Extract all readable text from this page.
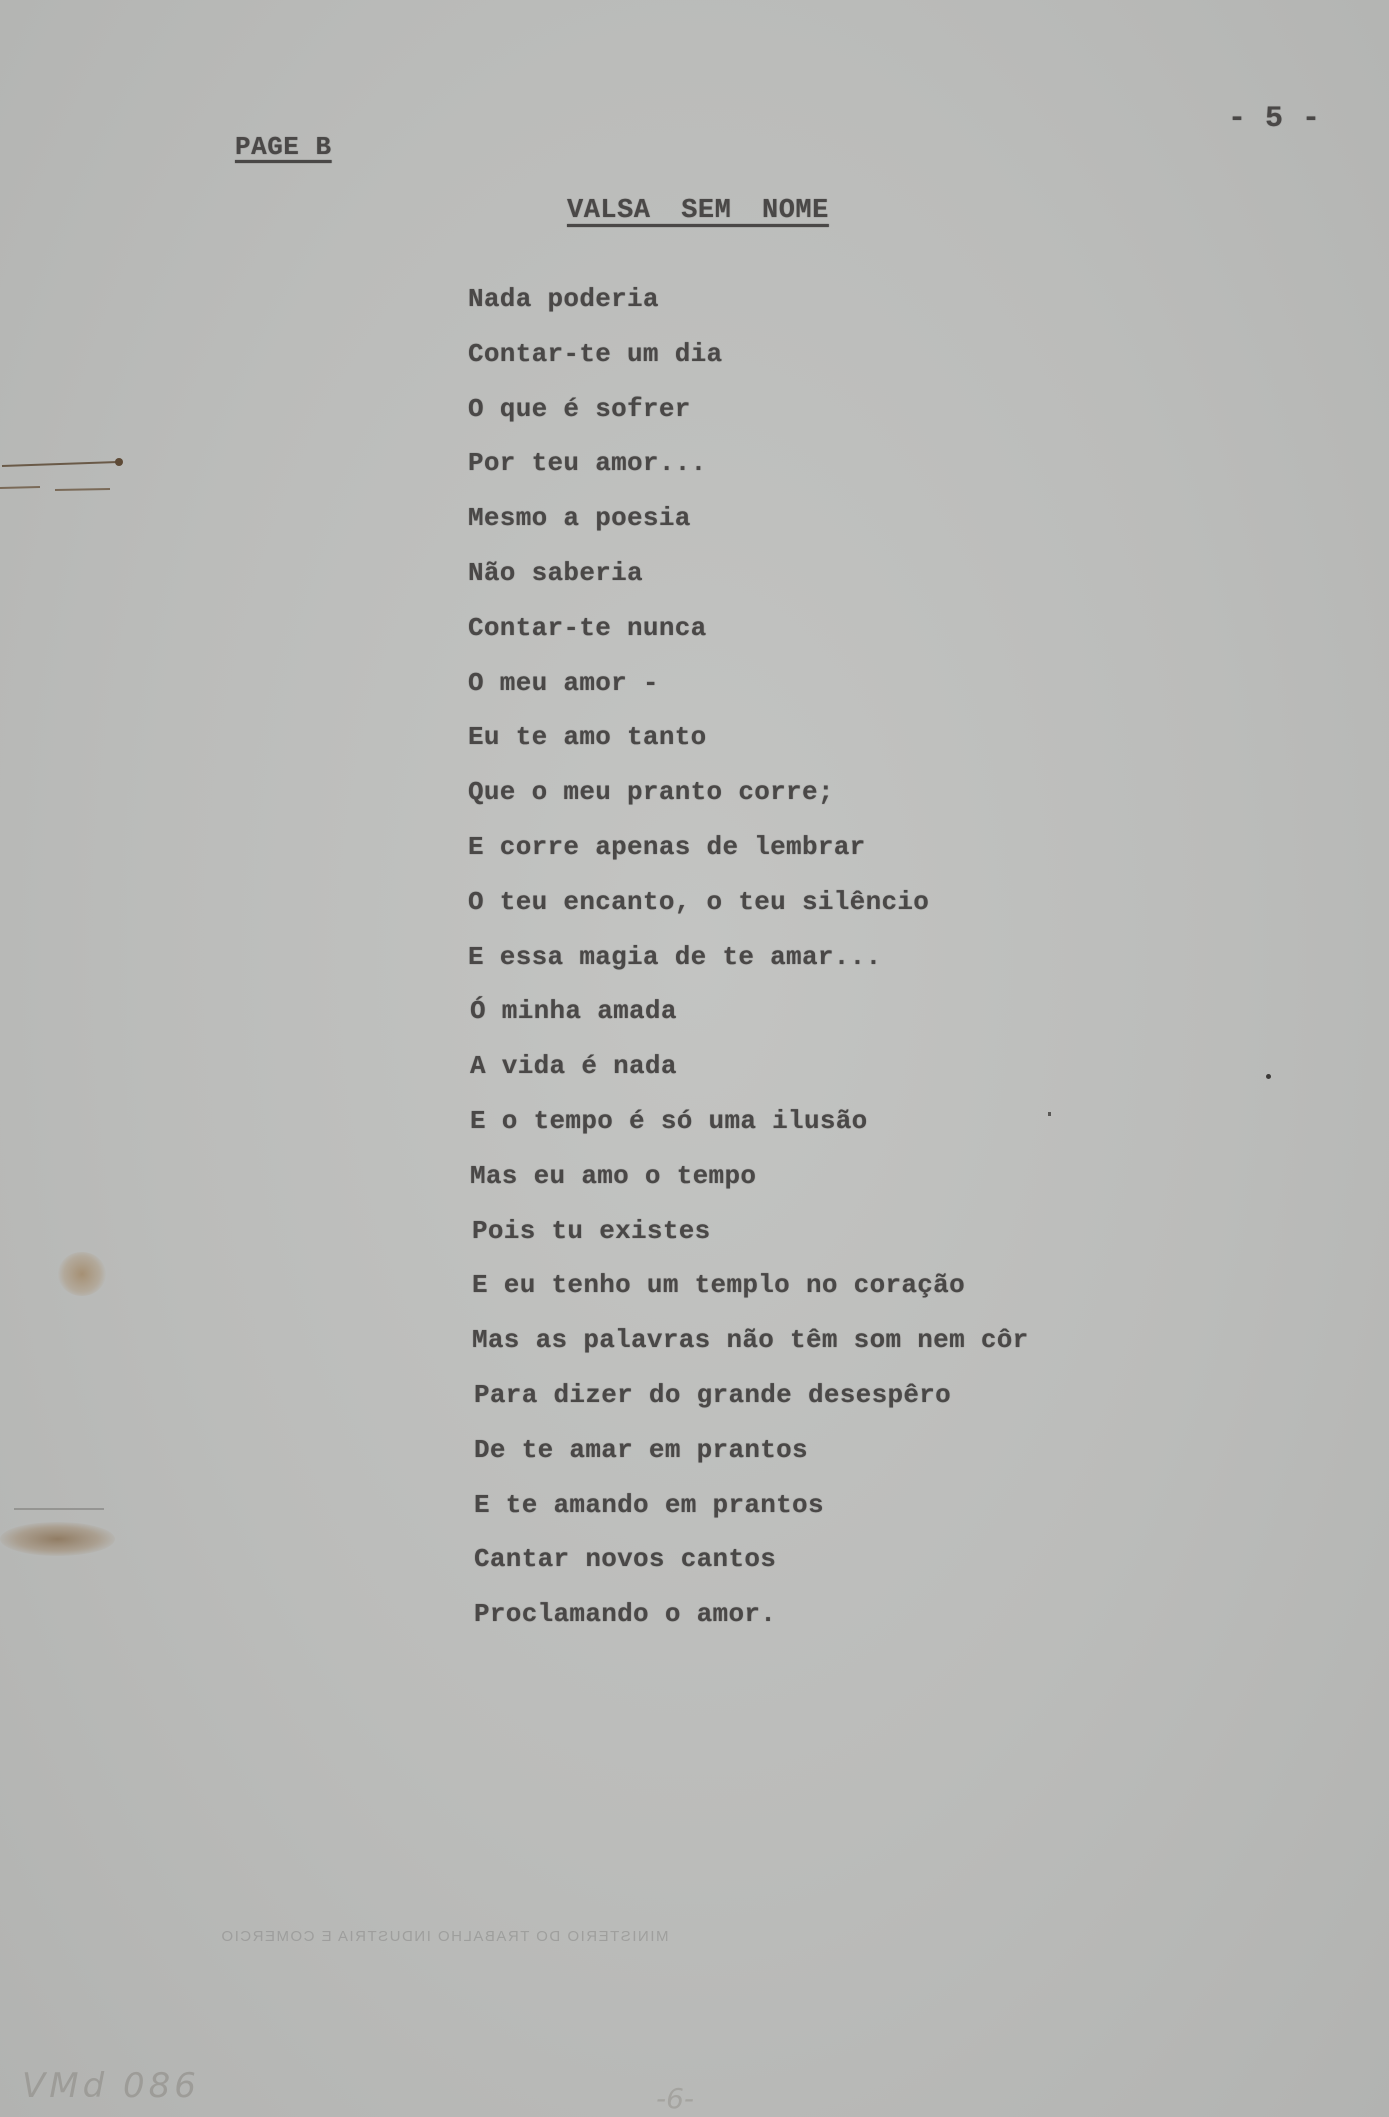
PAGE B
- 5 -
VALSA SEM NOME
Nada poderia
Contar-te um dia
O que é sofrer
Por teu amor...
Mesmo a poesia
Não saberia
Contar-te nunca
O meu amor -
Eu te amo tanto
Que o meu pranto corre;
E corre apenas de lembrar
O teu encanto, o teu silêncio
E essa magia de te amar...
Ó minha amada
A vida é nada
E o tempo é só uma ilusão
Mas eu amo o tempo
Pois tu existes
E eu tenho um templo no coração
Mas as palavras não têm som nem côr
Para dizer do grande desespêro
De te amar em prantos
E te amando em prantos
Cantar novos cantos
Proclamando o amor.
MINISTERIO DO TRABALHO INDUSTRIA E COMERCIO
VMd 086	-6-
